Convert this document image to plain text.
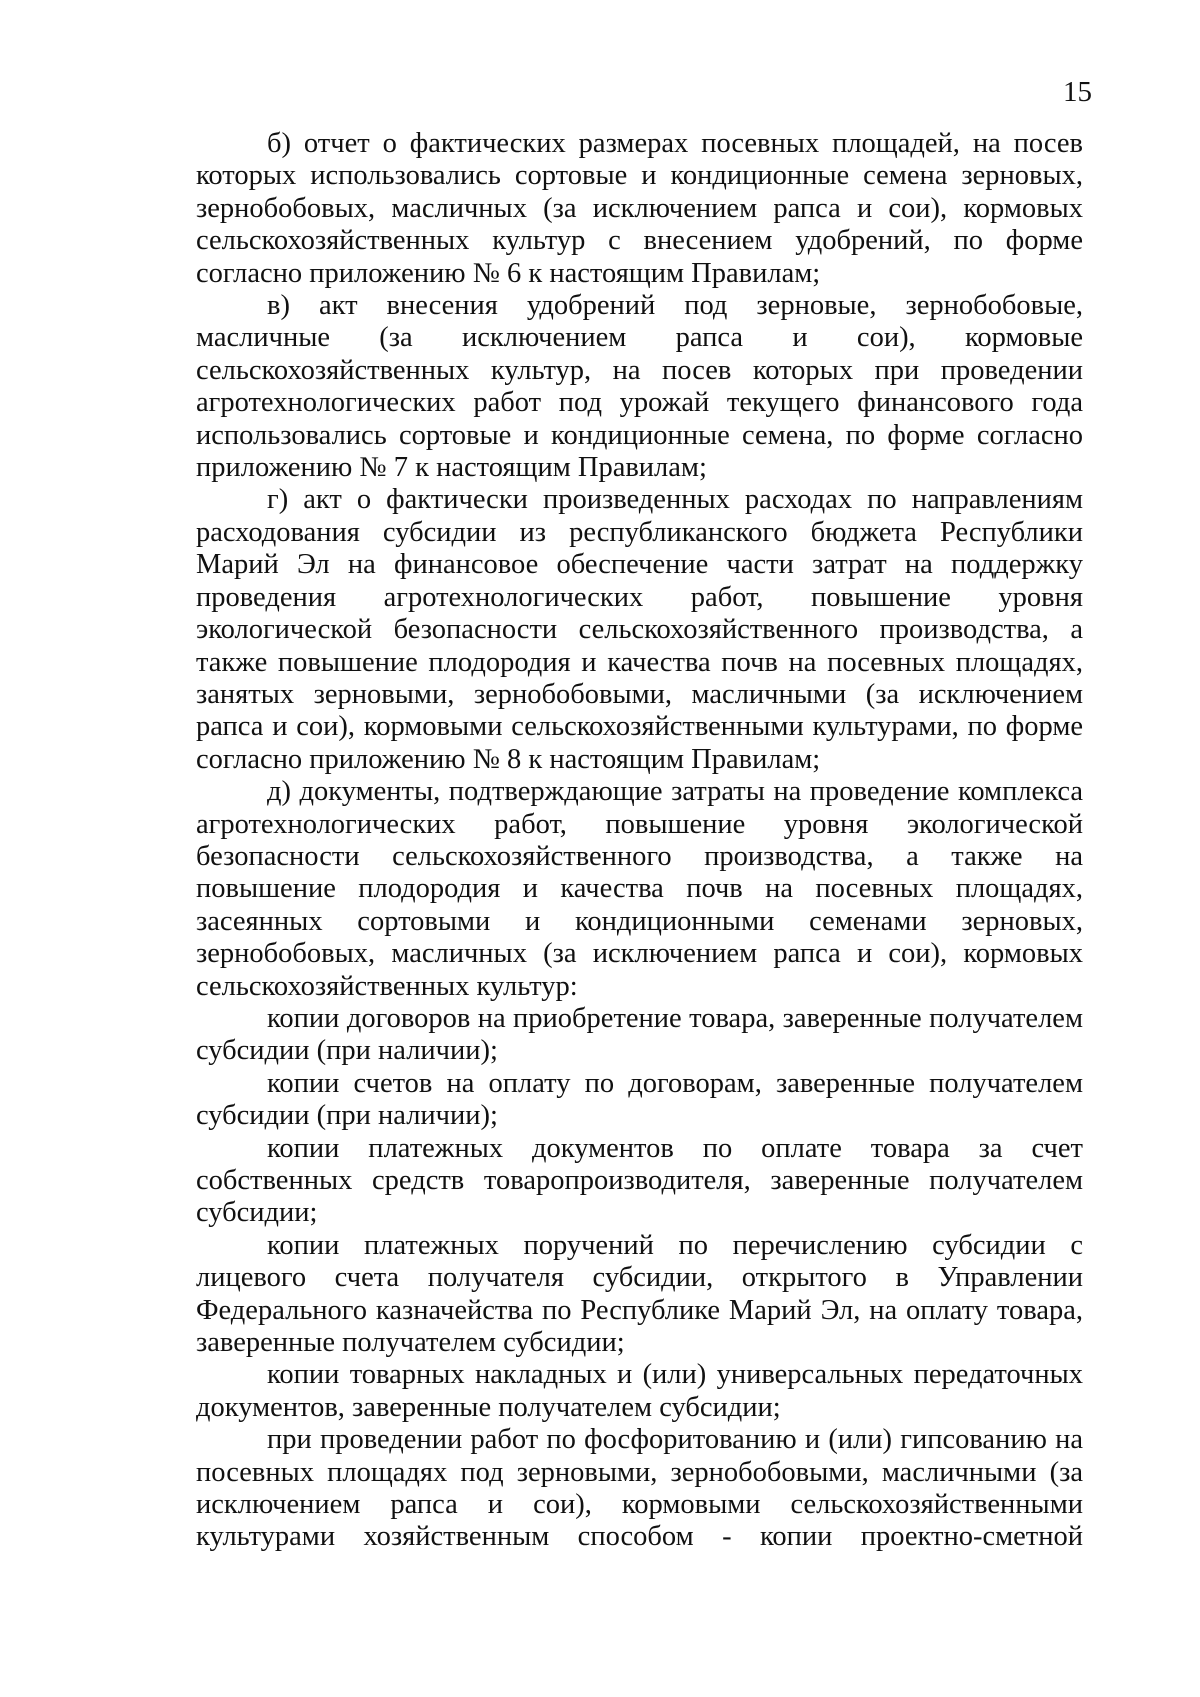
15

б) отчет о фактических размерах посевных площадей, на посев которых использовались сортовые и кондиционные семена зерновых, зернобобовых, масличных (за исключением рапса и сои), кормовых сельскохозяйственных культур с внесением удобрений, по форме согласно приложению № 6 к настоящим Правилам;

в) акт внесения удобрений под зерновые, зернобобовые, масличные (за исключением рапса и сои), кормовые сельскохозяйственных культур, на посев которых при проведении агротехнологических работ под урожай текущего финансового года использовались сортовые и кондиционные семена, по форме согласно приложению № 7 к настоящим Правилам;

г) акт о фактически произведенных расходах по направлениям расходования субсидии из республиканского бюджета Республики Марий Эл на финансовое обеспечение части затрат на поддержку проведения агротехнологических работ, повышение уровня экологической безопасности сельскохозяйственного производства, а также повышение плодородия и качества почв на посевных площадях, занятых зерновыми, зернобобовыми, масличными (за исключением рапса и сои), кормовыми сельскохозяйственными культурами, по форме согласно приложению № 8 к настоящим Правилам;

д) документы, подтверждающие затраты на проведение комплекса агротехнологических работ, повышение уровня экологической безопасности сельскохозяйственного производства, а также на повышение плодородия и качества почв на посевных площадях, засеянных сортовыми и кондиционными семенами зерновых, зернобобовых, масличных (за исключением рапса и сои), кормовых сельскохозяйственных культур:

копии договоров на приобретение товара, заверенные получателем субсидии (при наличии);

копии счетов на оплату по договорам, заверенные получателем субсидии (при наличии);

копии платежных документов по оплате товара за счет собственных средств товаропроизводителя, заверенные получателем субсидии;

копии платежных поручений по перечислению субсидии с лицевого счета получателя субсидии, открытого в Управлении Федерального казначейства по Республике Марий Эл, на оплату товара, заверенные получателем субсидии;

копии товарных накладных и (или) универсальных передаточных документов, заверенные получателем субсидии;

при проведении работ по фосфоритованию и (или) гипсованию на посевных площадях под зерновыми, зернобобовыми, масличными (за исключением рапса и сои), кормовыми сельскохозяйственными культурами хозяйственным способом - копии проектно-сметной
